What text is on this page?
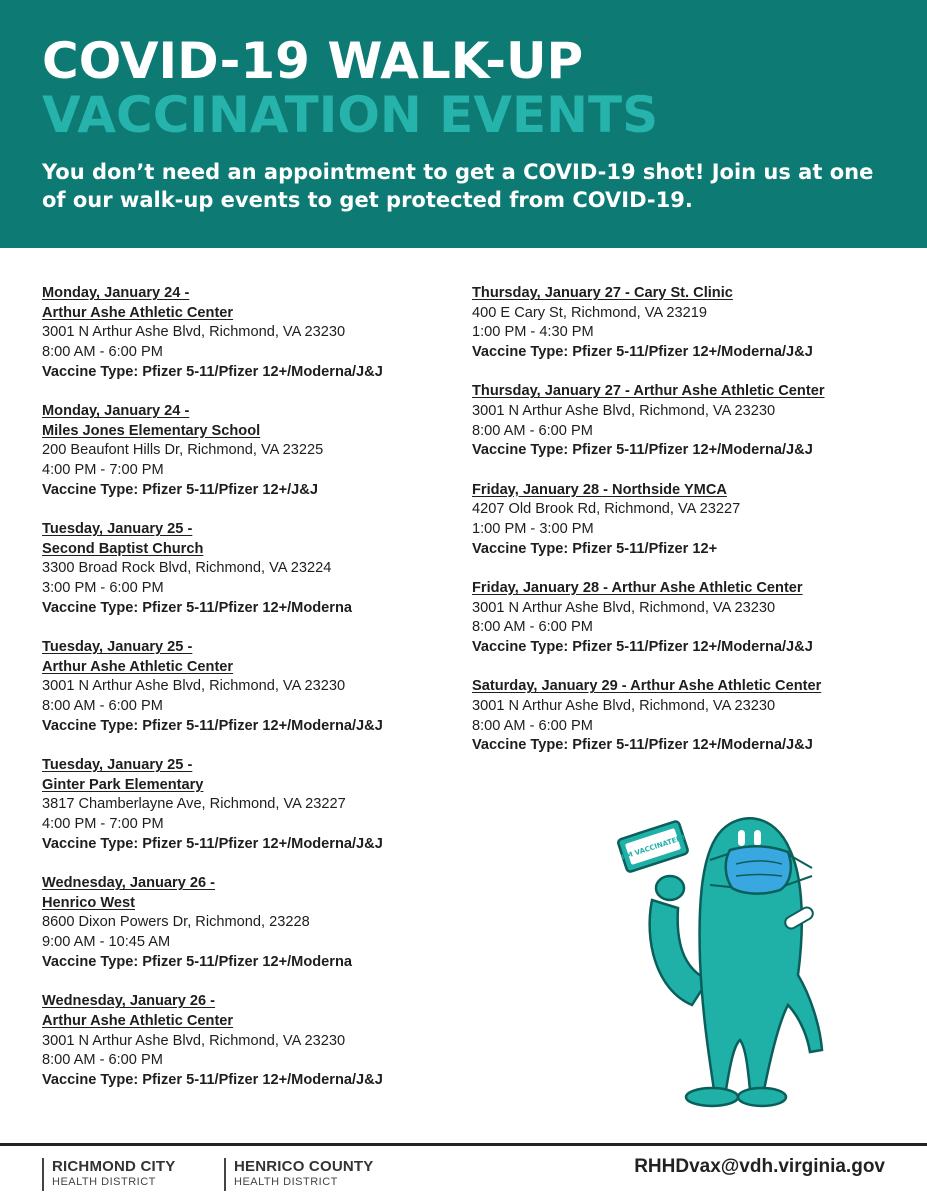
COVID-19 WALK-UP
VACCINATION EVENTS
You don’t need an appointment to get a COVID-19 shot! Join us at one of our walk-up events to get protected from COVID-19.
Monday, January 24 -
Arthur Ashe Athletic Center
3001 N Arthur Ashe Blvd, Richmond, VA 23230
8:00 AM - 6:00 PM
Vaccine Type: Pfizer 5-11/Pfizer 12+/Moderna/J&J
Monday, January 24 -
Miles Jones Elementary School
200 Beaufont Hills Dr, Richmond, VA 23225
4:00 PM - 7:00 PM
Vaccine Type: Pfizer 5-11/Pfizer 12+/J&J
Tuesday, January 25 -
Second Baptist Church
3300 Broad Rock Blvd, Richmond, VA 23224
3:00 PM - 6:00 PM
Vaccine Type: Pfizer 5-11/Pfizer 12+/Moderna
Tuesday, January 25 -
Arthur Ashe Athletic Center
3001 N Arthur Ashe Blvd, Richmond, VA 23230
8:00 AM - 6:00 PM
Vaccine Type: Pfizer 5-11/Pfizer 12+/Moderna/J&J
Tuesday, January 25 -
Ginter Park Elementary
3817 Chamberlayne Ave, Richmond, VA 23227
4:00 PM - 7:00 PM
Vaccine Type: Pfizer 5-11/Pfizer 12+/Moderna/J&J
Wednesday, January 26 -
Henrico West
8600 Dixon Powers Dr, Richmond, 23228
9:00 AM - 10:45 AM
Vaccine Type: Pfizer 5-11/Pfizer 12+/Moderna
Wednesday, January 26 -
Arthur Ashe Athletic Center
3001 N Arthur Ashe Blvd, Richmond, VA 23230
8:00 AM - 6:00 PM
Vaccine Type: Pfizer 5-11/Pfizer 12+/Moderna/J&J
Thursday, January 27 - Cary St. Clinic
400 E Cary St, Richmond, VA 23219
1:00 PM - 4:30 PM
Vaccine Type: Pfizer 5-11/Pfizer 12+/Moderna/J&J
Thursday, January 27 - Arthur Ashe Athletic Center
3001 N Arthur Ashe Blvd, Richmond, VA 23230
8:00 AM - 6:00 PM
Vaccine Type: Pfizer 5-11/Pfizer 12+/Moderna/J&J
Friday, January 28 - Northside YMCA
4207 Old Brook Rd, Richmond, VA 23227
1:00 PM - 3:00 PM
Vaccine Type: Pfizer 5-11/Pfizer 12+
Friday, January 28 - Arthur Ashe Athletic Center
3001 N Arthur Ashe Blvd, Richmond, VA 23230
8:00 AM - 6:00 PM
Vaccine Type: Pfizer 5-11/Pfizer 12+/Moderna/J&J
Saturday, January 29 - Arthur Ashe Athletic Center
3001 N Arthur Ashe Blvd, Richmond, VA 23230
8:00 AM - 6:00 PM
Vaccine Type: Pfizer 5-11/Pfizer 12+/Moderna/J&J
I'M VACCINATED!
RICHMOND CITY
HEALTH DISTRICT
HENRICO COUNTY
HEALTH DISTRICT
RHHDvax@vdh.virginia.gov
